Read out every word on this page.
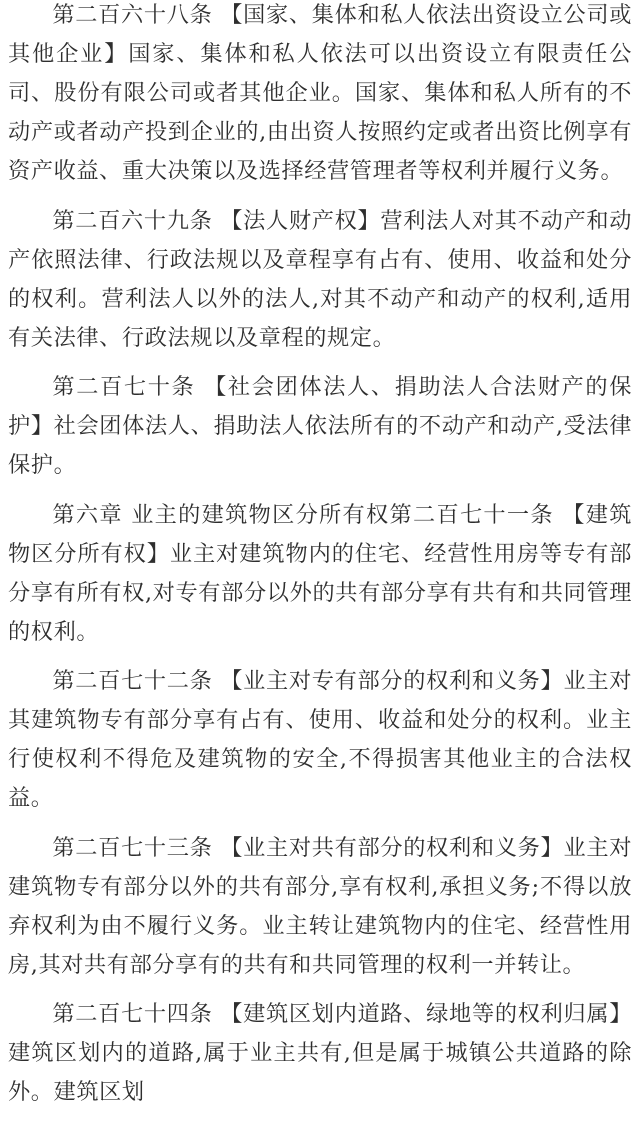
第二百六十八条 【国家、集体和私人依法出资设立公司或其他企业】国家、集体和私人依法可以出资设立有限责任公司、股份有限公司或者其他企业。国家、集体和私人所有的不动产或者动产投到企业的,由出资人按照约定或者出资比例享有资产收益、重大决策以及选择经营管理者等权利并履行义务。

第二百六十九条 【法人财产权】营利法人对其不动产和动产依照法律、行政法规以及章程享有占有、使用、收益和处分的权利。营利法人以外的法人,对其不动产和动产的权利,适用有关法律、行政法规以及章程的规定。

第二百七十条 【社会团体法人、捐助法人合法财产的保护】社会团体法人、捐助法人依法所有的不动产和动产,受法律保护。

第六章 业主的建筑物区分所有权第二百七十一条 【建筑物区分所有权】业主对建筑物内的住宅、经营性用房等专有部分享有所有权,对专有部分以外的共有部分享有共有和共同管理的权利。

第二百七十二条 【业主对专有部分的权利和义务】业主对其建筑物专有部分享有占有、使用、收益和处分的权利。业主行使权利不得危及建筑物的安全,不得损害其他业主的合法权益。

第二百七十三条 【业主对共有部分的权利和义务】业主对建筑物专有部分以外的共有部分,享有权利,承担义务;不得以放弃权利为由不履行义务。业主转让建筑物内的住宅、经营性用房,其对共有部分享有的共有和共同管理的权利一并转让。

第二百七十四条 【建筑区划内道路、绿地等的权利归属】建筑区划内的道路,属于业主共有,但是属于城镇公共道路的除外。建筑区划
